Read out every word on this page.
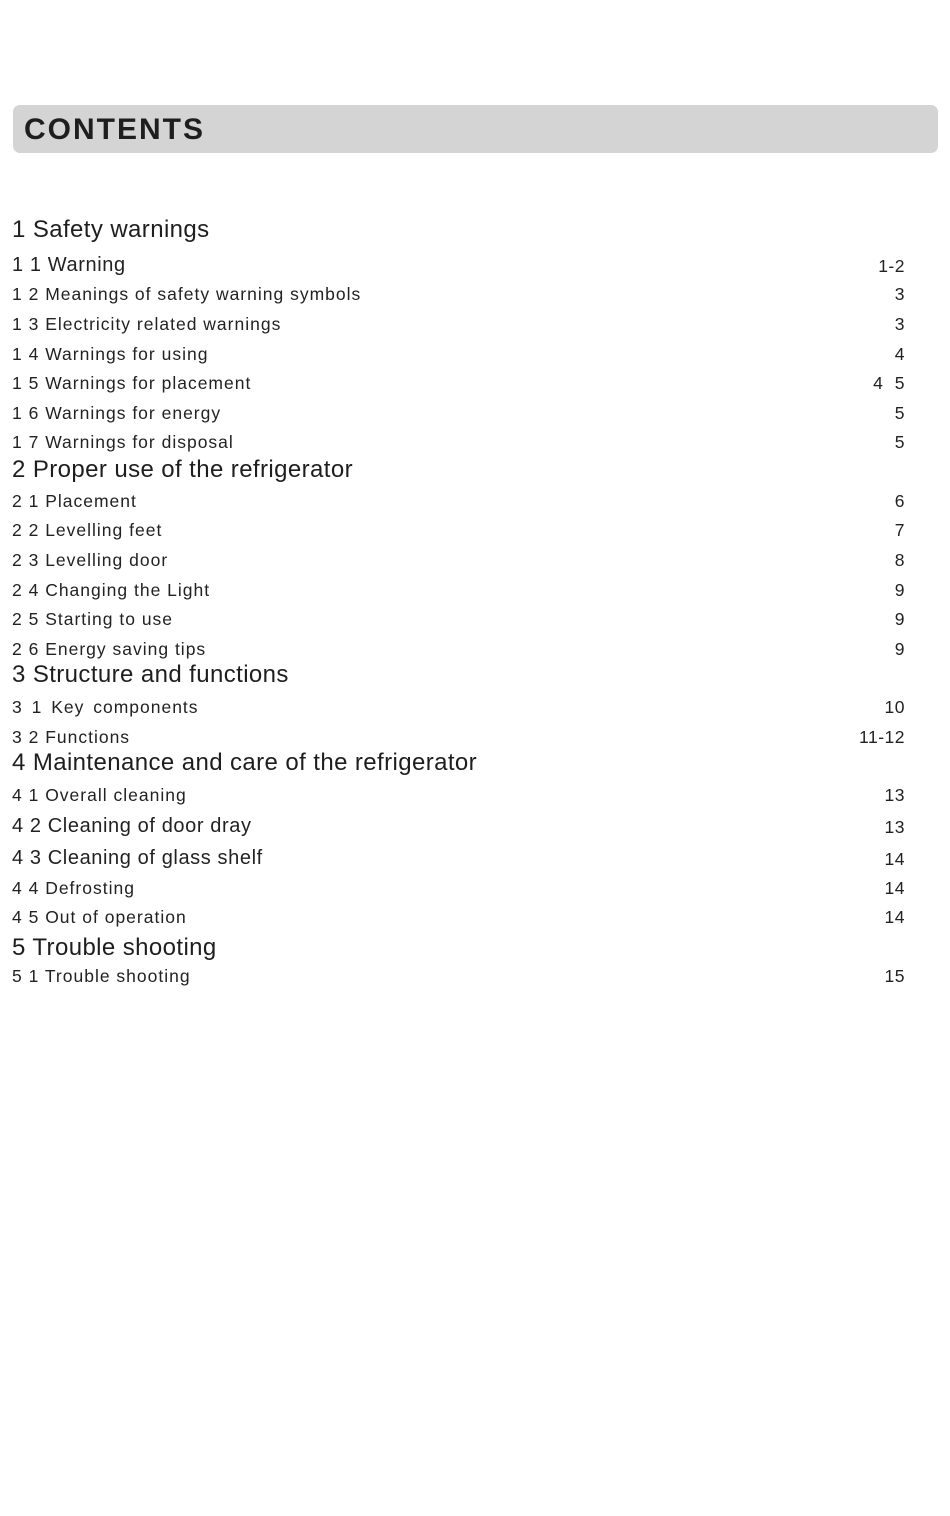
CONTENTS
1 Safety warnings
1 1 Warning	1-2
1 2 Meanings of safety warning symbols	3
1 3 Electricity related warnings	3
1 4 Warnings for using	4
1 5 Warnings for placement	4 5
1 6 Warnings for energy	5
1 7 Warnings for disposal	5
2 Proper use of the refrigerator
2 1 Placement	6
2 2 Levelling feet	7
2 3 Levelling door	8
2 4 Changing the Light	9
2 5 Starting to use	9
2 6 Energy saving tips	9
3 Structure and functions
3 1 Key components	10
3 2 Functions	11-12
4 Maintenance and care of the refrigerator
4 1 Overall cleaning	13
4 2 Cleaning of door dray	13
4 3 Cleaning of glass shelf	14
4 4 Defrosting	14
4 5 Out of operation	14
5 Trouble shooting
5 1 Trouble shooting	15
